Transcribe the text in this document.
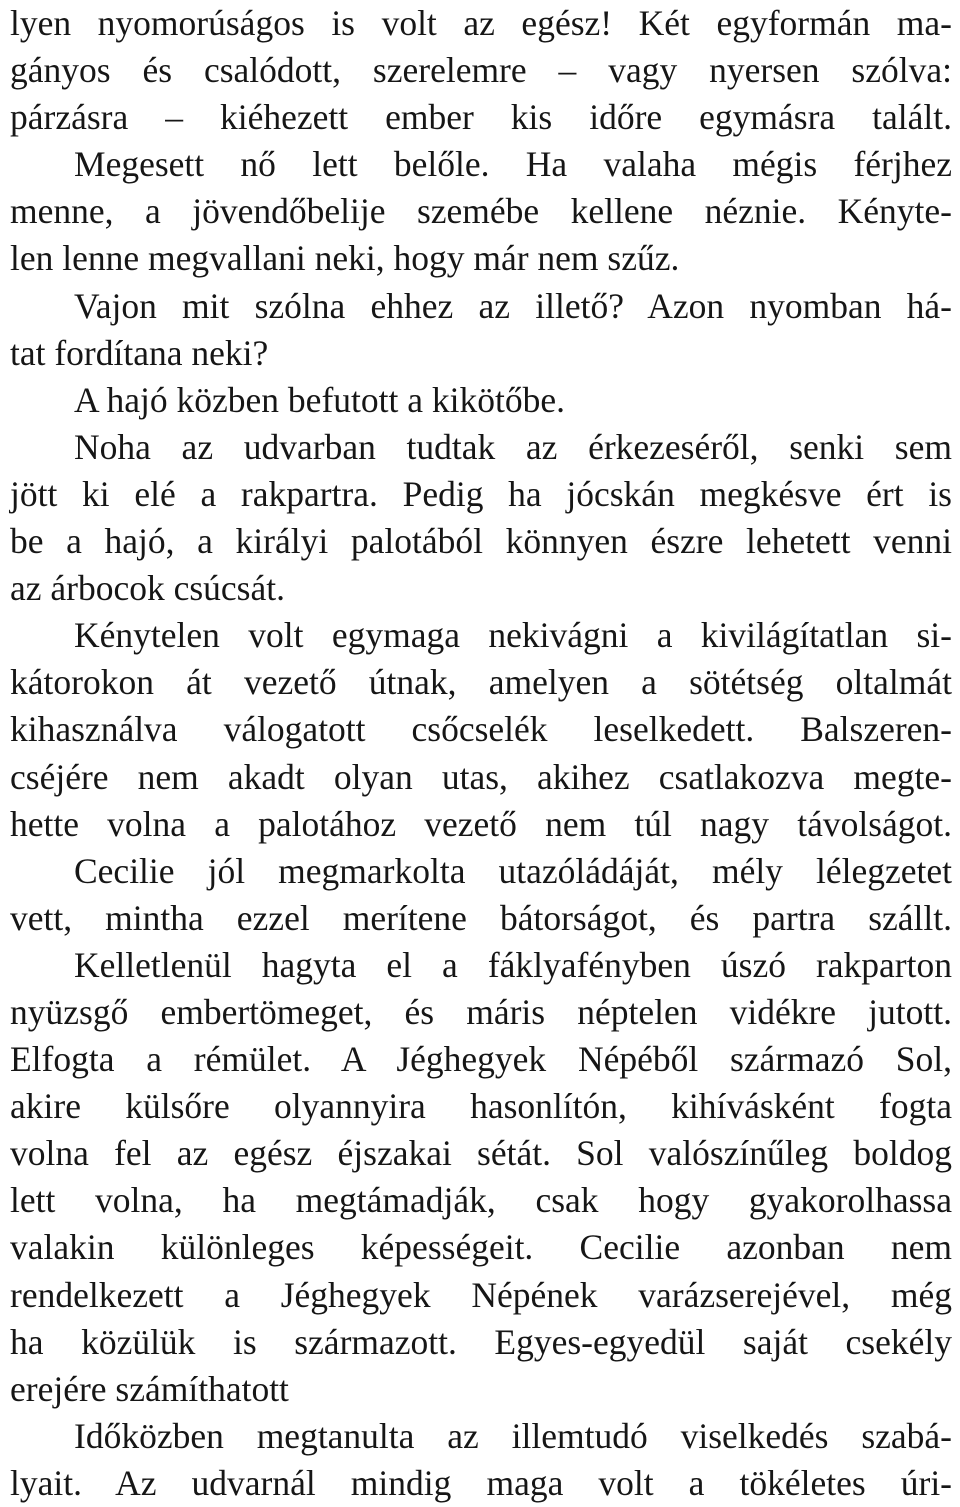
lyen nyomorúságos is volt az egész! Két egyformán ma-
gányos és csalódott, szerelemre – vagy nyersen szólva:
párzásra – kiéhezett ember kis időre egymásra talált.
Megesett nő lett belőle. Ha valaha mégis férjhez
menne, a jövendőbelije szemébe kellene néznie. Kényte-
len lenne megvallani neki, hogy már nem szűz.
Vajon mit szólna ehhez az illető? Azon nyomban há-
tat fordítana neki?
A hajó közben befutott a kikötőbe.
Noha az udvarban tudtak az érkezeséről, senki sem
jött ki elé a rakpartra. Pedig ha jócskán megkésve ért is
be a hajó, a királyi palotából könnyen észre lehetett venni
az árbocok csúcsát.
Kénytelen volt egymaga nekivágni a kivilágítatlan si-
kátorokon át vezető útnak, amelyen a sötétség oltalmát
kihasználva válogatott csőcselék leselkedett. Balszeren-
cséjére nem akadt olyan utas, akihez csatlakozva megte-
hette volna a palotához vezető nem túl nagy távolságot.
Cecilie jól megmarkolta utazóládáját, mély lélegzetet
vett, mintha ezzel merítene bátorságot, és partra szállt.
Kelletlenül hagyta el a fáklyafényben úszó rakparton
nyüzsgő embertömeget, és máris néptelen vidékre jutott.
Elfogta a rémület. A Jéghegyek Népéből származó Sol,
akire külsőre olyannyira hasonlítón, kihívásként fogta
volna fel az egész éjszakai sétát. Sol valószínűleg boldog
lett volna, ha megtámadják, csak hogy gyakorolhassa
valakin különleges képességeit. Cecilie azonban nem
rendelkezett a Jéghegyek Népének varázserejével, még
ha közülük is származott. Egyes-egyedül saját csekély
erejére számíthatott
Időközben megtanulta az illemtudó viselkedés szabá-
lyait. Az udvarnál mindig maga volt a tökéletes úri-
